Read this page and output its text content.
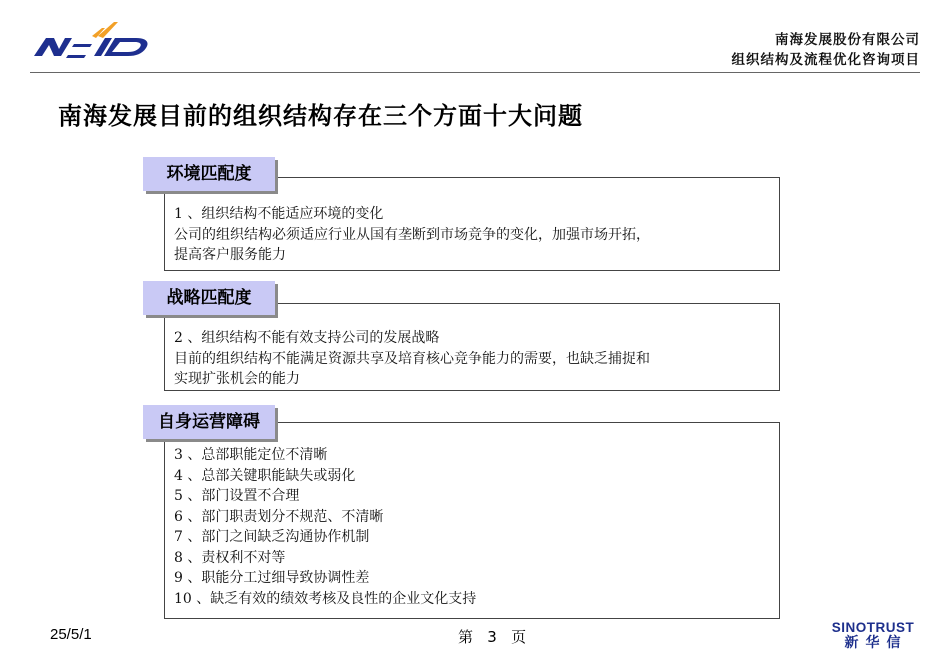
南海发展股份有限公司
组织结构及流程优化咨询项目
南海发展目前的组织结构存在三个方面十大问题
1 、组织结构不能适应环境的变化
公司的组织结构必须适应行业从国有垄断到市场竞争的变化，加强市场开拓，
提高客户服务能力
环境匹配度
2 、组织结构不能有效支持公司的发展战略
目前的组织结构不能满足资源共享及培育核心竞争能力的需要，也缺乏捕捉和
实现扩张机会的能力
战略匹配度
3 、总部职能定位不清晰
4 、总部关键职能缺失或弱化
5 、部门设置不合理
6 、部门职责划分不规范、不清晰
7 、部门之间缺乏沟通协作机制
8 、责权利不对等
9 、职能分工过细导致协调性差
10 、缺乏有效的绩效考核及良性的企业文化支持
自身运营障碍
25/5/1	第   3   页
SINOTRUST
新华信
